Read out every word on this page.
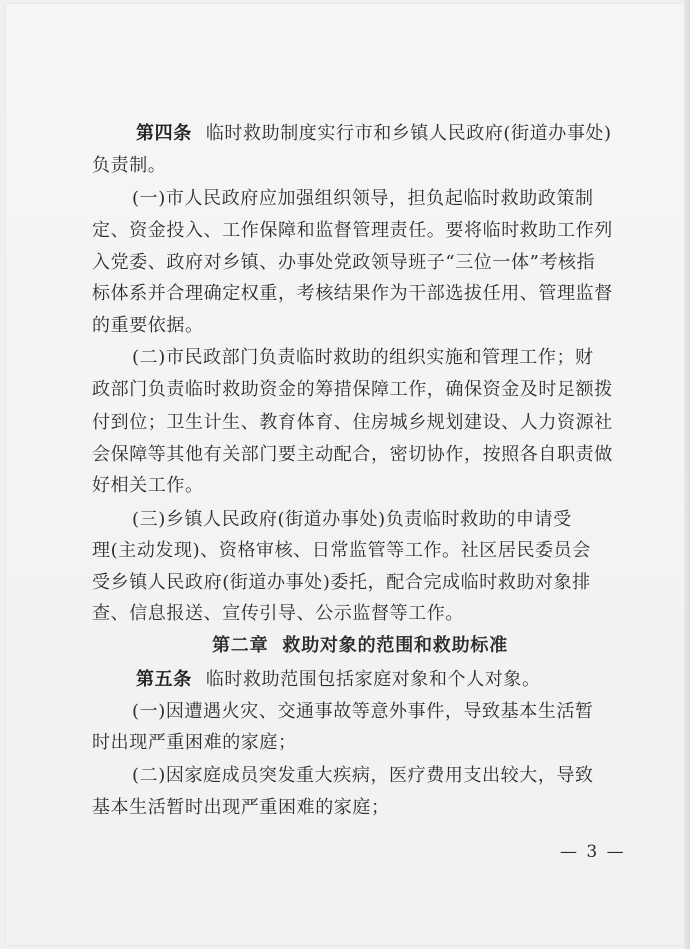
第四条 临时救助制度实行市和乡镇人民政府(街道办事处)
负责制。
(一)市人民政府应加强组织领导，担负起临时救助政策制
定、资金投入、工作保障和监督管理责任。要将临时救助工作列
入党委、政府对乡镇、办事处党政领导班子“三位一体”考核指
标体系并合理确定权重，考核结果作为干部选拔任用、管理监督
的重要依据。
(二)市民政部门负责临时救助的组织实施和管理工作；财
政部门负责临时救助资金的筹措保障工作，确保资金及时足额拨
付到位；卫生计生、教育体育、住房城乡规划建设、人力资源社
会保障等其他有关部门要主动配合，密切协作，按照各自职责做
好相关工作。
(三)乡镇人民政府(街道办事处)负责临时救助的申请受
理(主动发现)、资格审核、日常监管等工作。社区居民委员会
受乡镇人民政府(街道办事处)委托，配合完成临时救助对象排
查、信息报送、宣传引导、公示监督等工作。
第二章 救助对象的范围和救助标准
第五条 临时救助范围包括家庭对象和个人对象。
(一)因遭遇火灾、交通事故等意外事件，导致基本生活暂
时出现严重困难的家庭；
(二)因家庭成员突发重大疾病，医疗费用支出较大，导致
基本生活暂时出现严重困难的家庭；
— 3 —
